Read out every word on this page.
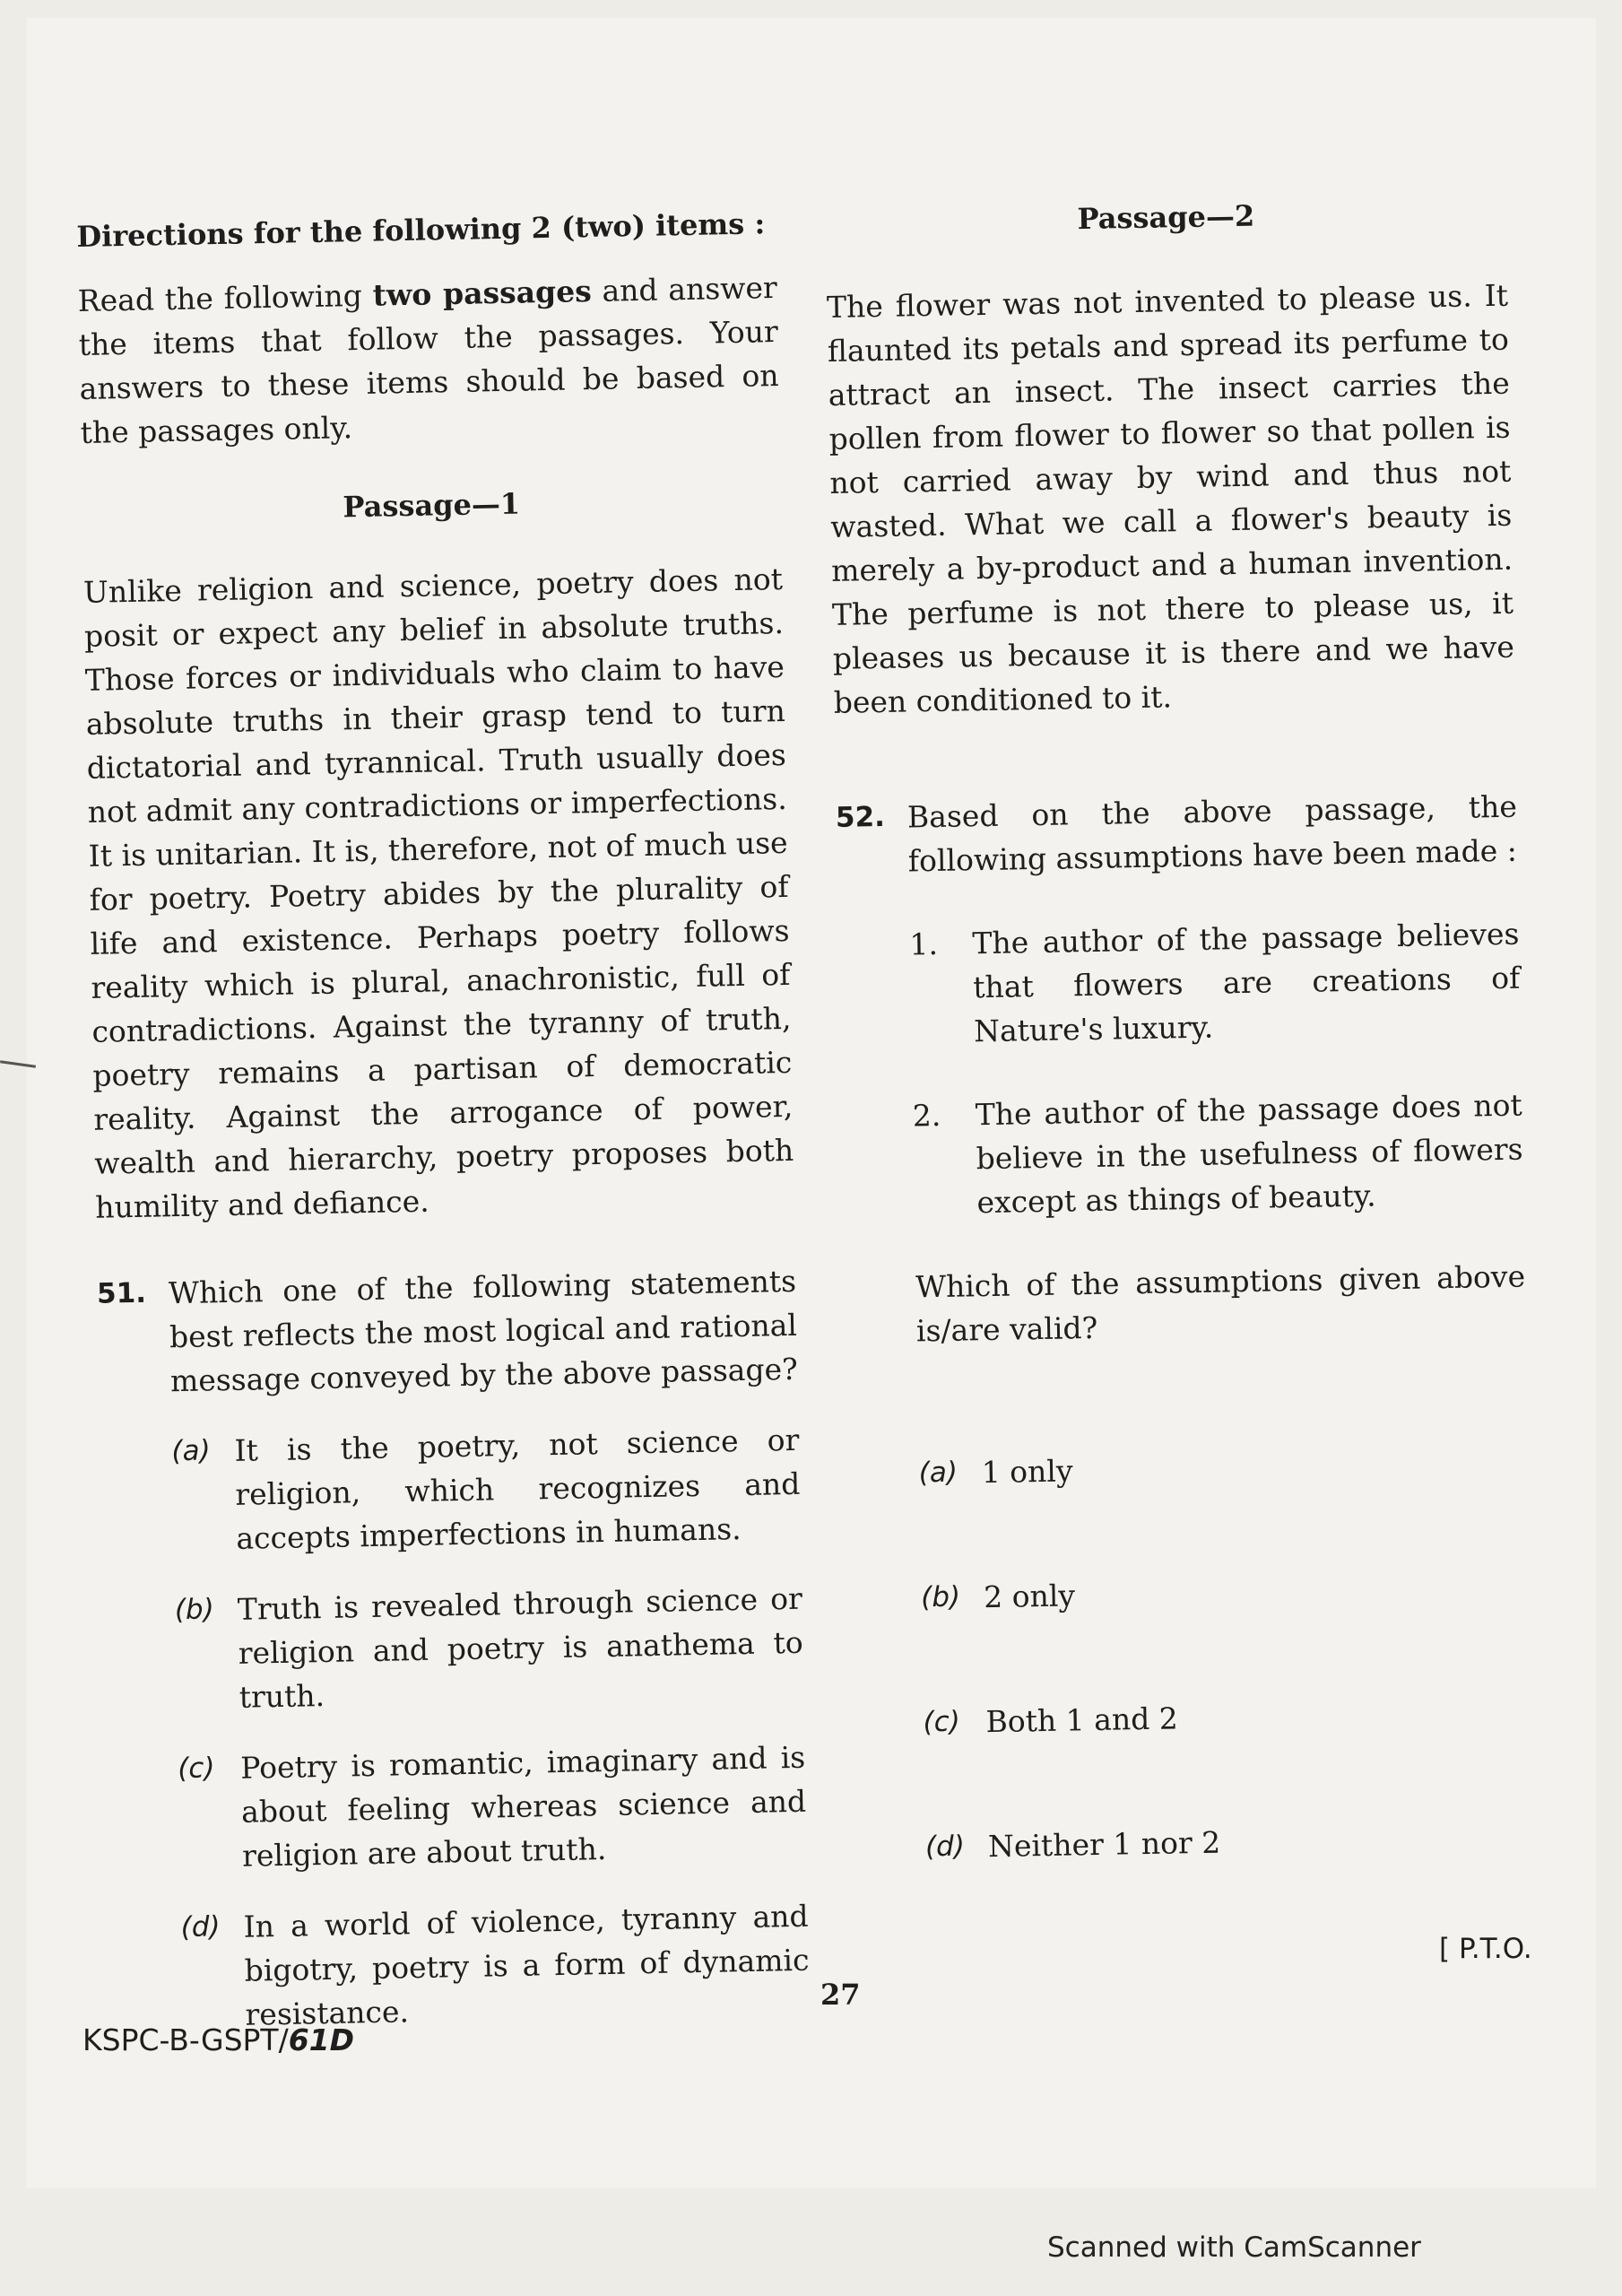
Directions for the following 2 (two) items :

Read the following two passages and answer the items that follow the passages. Your answers to these items should be based on the passages only.

Passage—1

Unlike religion and science, poetry does not posit or expect any belief in absolute truths. Those forces or individuals who claim to have absolute truths in their grasp tend to turn dictatorial and tyrannical. Truth usually does not admit any contradictions or imperfections. It is unitarian. It is, therefore, not of much use for poetry. Poetry abides by the plurality of life and existence. Perhaps poetry follows reality which is plural, anachronistic, full of contradictions. Against the tyranny of truth, poetry remains a partisan of democratic reality. Against the arrogance of power, wealth and hierarchy, poetry proposes both humility and defiance.

51. Which one of the following statements best reflects the most logical and rational message conveyed by the above passage?

(a) It is the poetry, not science or religion, which recognizes and accepts imperfections in humans.
(b) Truth is revealed through science or religion and poetry is anathema to truth.
(c) Poetry is romantic, imaginary and is about feeling whereas science and religion are about truth.
(d) In a world of violence, tyranny and bigotry, poetry is a form of dynamic resistance.

Passage—2

The flower was not invented to please us. It flaunted its petals and spread its perfume to attract an insect. The insect carries the pollen from flower to flower so that pollen is not carried away by wind and thus not wasted. What we call a flower's beauty is merely a by-product and a human invention. The perfume is not there to please us, it pleases us because it is there and we have been conditioned to it.

52. Based on the above passage, the following assumptions have been made :

1. The author of the passage believes that flowers are creations of Nature's luxury.
2. The author of the passage does not believe in the usefulness of flowers except as things of beauty.

Which of the assumptions given above is/are valid?

(a) 1 only
(b) 2 only
(c) Both 1 and 2
(d) Neither 1 nor 2
[ P.T.O.
27
KSPC-B-GSPT/61D
Scanned with CamScanner
